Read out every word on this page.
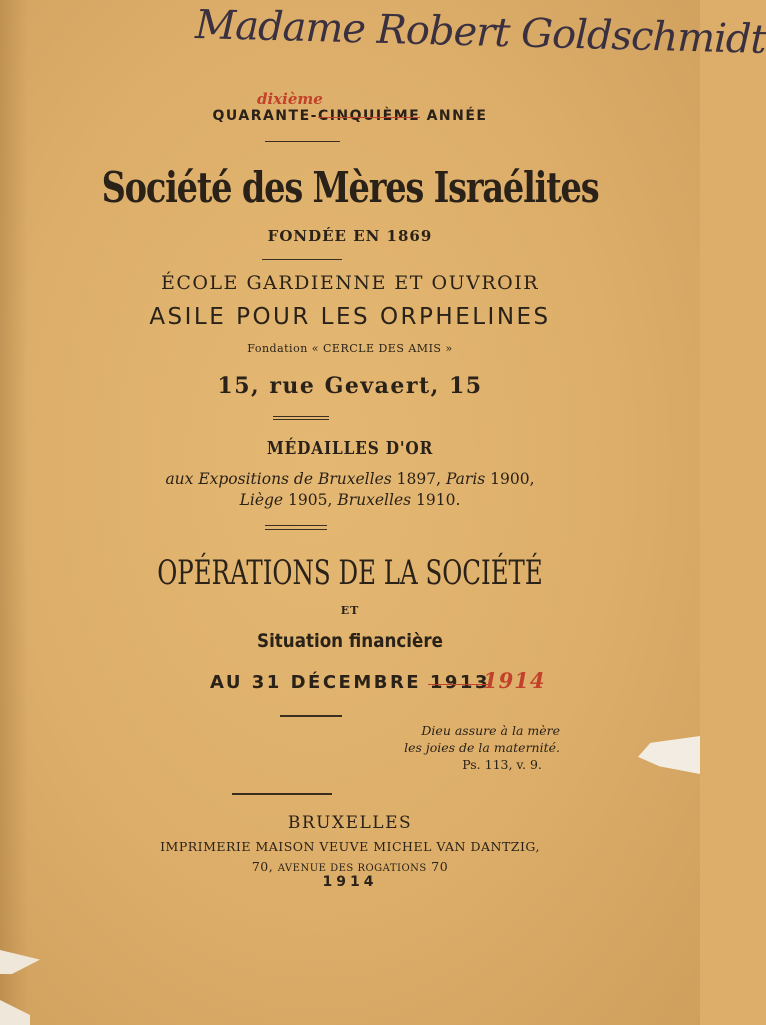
Madame Robert Goldschmidt
QUARANTE-CINQUIÈME ANNÉE
dixième
Société des Mères Israélites
FONDÉE EN 1869
ÉCOLE GARDIENNE ET OUVROIR
ASILE POUR LES ORPHELINES
Fondation « CERCLE DES AMIS »
15, rue Gevaert, 15
MÉDAILLES D'OR
aux Expositions de Bruxelles 1897, Paris 1900,
Liège 1905, Bruxelles 1910.
OPÉRATIONS DE LA SOCIÉTÉ
ET
Situation financière
AU 31 DÉCEMBRE 1913
1914
Dieu assure à la mère
les joies de la maternité.
Ps. 113, v. 9.
BRUXELLES
IMPRIMERIE MAISON VEUVE MICHEL VAN DANTZIG,
70, AVENUE DES ROGATIONS 70
1914
